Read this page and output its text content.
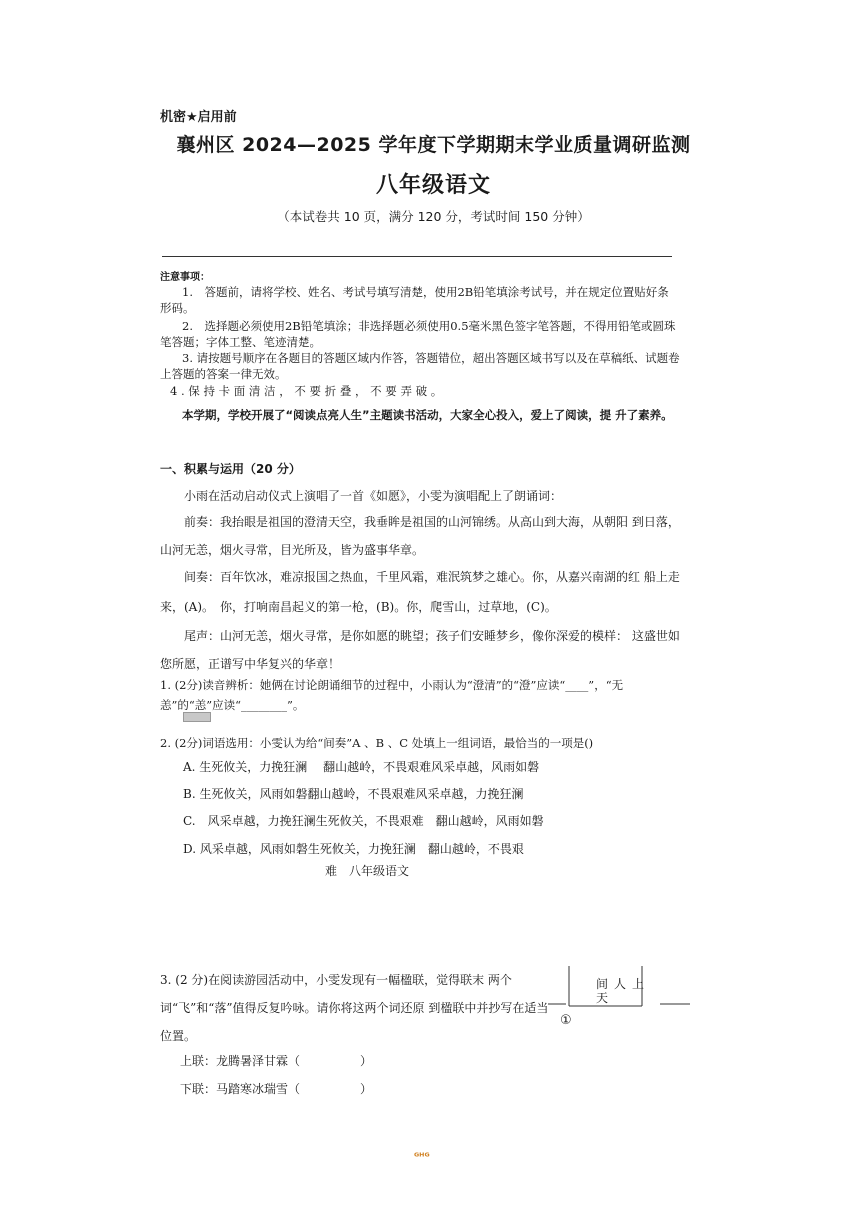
机密★启用前
襄州区 2024—2025 学年度下学期期末学业质量调研监测
八年级语文
（本试卷共 10 页，满分 120 分，考试时间 150 分钟）
注意事项：
1.　答题前，请将学校、姓名、考试号填写清楚，使用2B铅笔填涂考试号，并在规定位置贴好条形码。
2.　选择题必须使用2B铅笔填涂；非选择题必须使用0.5毫米黑色签字笔答题，不得用铅笔或圆珠笔答题；字体工整、笔迹清楚。
3. 请按题号顺序在各题目的答题区域内作答，答题错位，超出答题区域书写以及在草稿纸、试题卷上答题的答案一律无效。
4 . 保 持 卡 面 清 洁 ， 不 要 折 叠 ， 不 要 弄 破 。
本学期，学校开展了“阅读点亮人生”主题读书活动，大家全心投入，爱上了阅读，提 升了素养。
一、积累与运用（20 分）
小雨在活动启动仪式上演唱了一首《如愿》，小雯为演唱配上了朗诵词：
前奏：我抬眼是祖国的澄清天空，我垂眸是祖国的山河锦绣。从高山到大海，从朝阳 到日落，山河无恙，烟火寻常，目光所及，皆为盛事华章。
间奏：百年饮冰，难凉报国之热血，千里风霜，难泯筑梦之雄心。你，从嘉兴南湖的红 船上走来，(A)。　你，打响南昌起义的第一枪，(B)。你，爬雪山，过草地，(C)。
尾声：山河无恙，烟火寻常，是你如愿的眺望；孩子们安睡梦乡，像你深爱的模样： 这盛世如您所愿，正谱写中华复兴的华章！
1. (2分)读音辨析：她俩在讨论朗诵细节的过程中，小雨认为“澄清”的“澄”应读“____”，“无恙”的“恙”应读“________”。
2. (2分)词语选用：小雯认为给“间奏”A 、B 、C 处填上一组词语，最恰当的一项是()
A. 生死攸关，力挽狂澜　 翻山越岭，不畏艰难风采卓越，风雨如磐
B. 生死攸关，风雨如磐翻山越岭，不畏艰难风采卓越，力挽狂澜
C.　风采卓越，力挽狂澜生死攸关，不畏艰难　翻山越岭，风雨如磐
D. 风采卓越，风雨如磐生死攸关，力挽狂澜　翻山越岭，不畏艰
难　八年级语文
3. (2 分)在阅读游园活动中，小雯发现有一幅楹联，觉得联末 两个词“飞”和“落”值得反复吟咏。请你将这两个词还原 到楹联中并抄写在适当位置。
上联：龙腾暑泽甘霖（　　　　　）
下联：马踏寒冰瑞雪（　　　　　）
间 人 上
天
①
ᴳᴴᴳ
